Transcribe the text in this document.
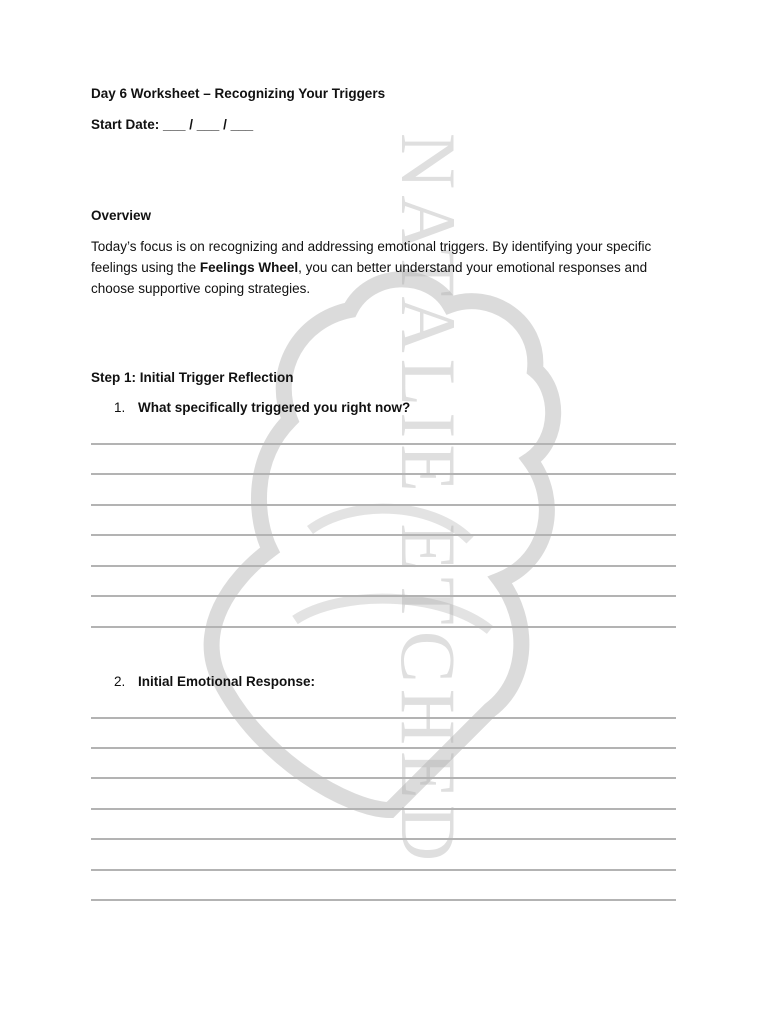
NATALIE ETCHED
Day 6 Worksheet – Recognizing Your Triggers
Start Date: ___ / ___ / ___
Overview
Today’s focus is on recognizing and addressing emotional triggers. By identifying your specific feelings using the Feelings Wheel, you can better understand your emotional responses and choose supportive coping strategies.
Step 1: Initial Trigger Reflection
1. What specifically triggered you right now?
2. Initial Emotional Response:
